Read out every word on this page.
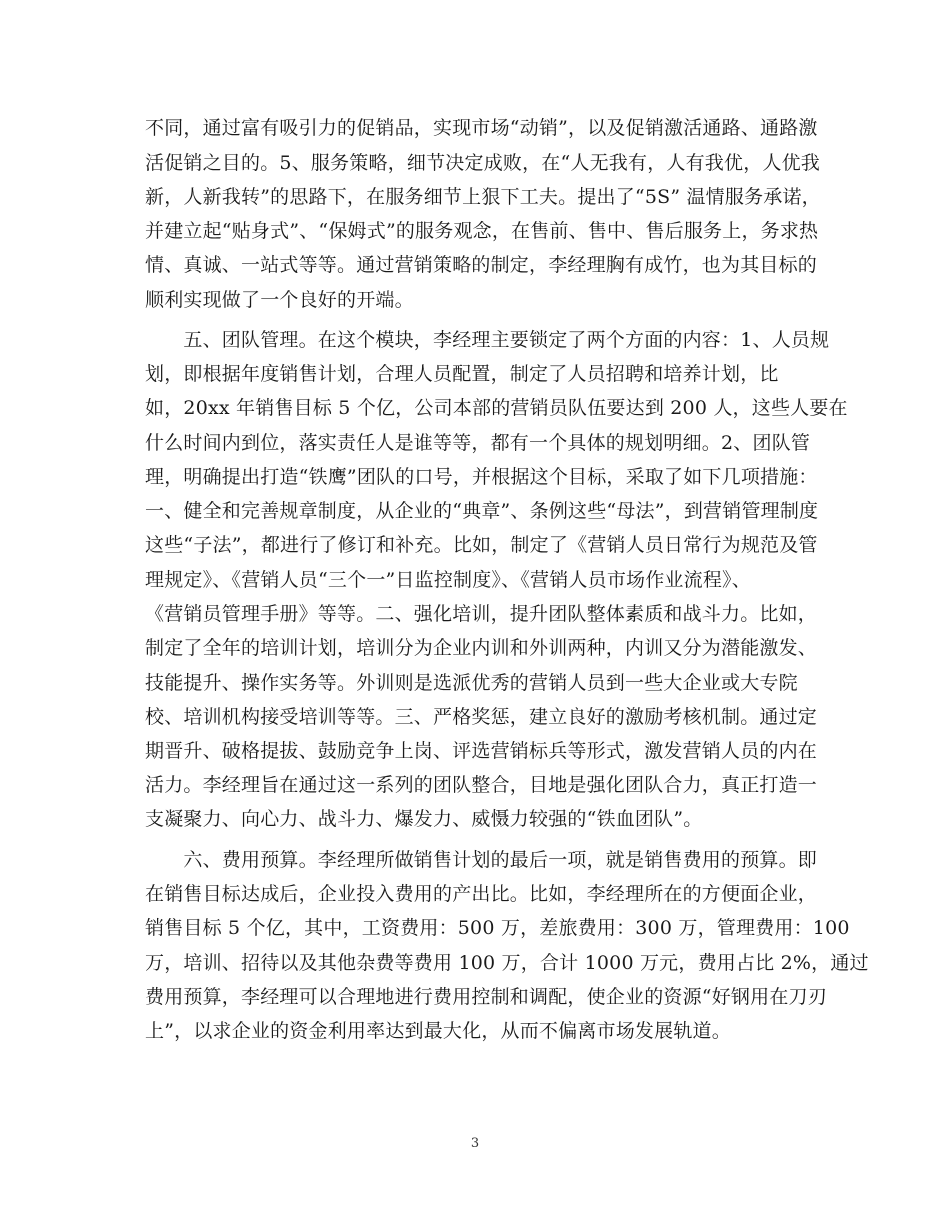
不同，通过富有吸引力的促销品，实现市场“动销”，以及促销激活通路、通路激
活促销之目的。5、服务策略，细节决定成败，在“人无我有，人有我优，人优我
新，人新我转”的思路下，在服务细节上狠下工夫。提出了“5S” 温情服务承诺，
并建立起“贴身式”、“保姆式”的服务观念，在售前、售中、售后服务上，务求热
情、真诚、一站式等等。通过营销策略的制定，李经理胸有成竹，也为其目标的
顺利实现做了一个良好的开端。
　　五、团队管理。在这个模块，李经理主要锁定了两个方面的内容：1、人员规
划，即根据年度销售计划，合理人员配置，制定了人员招聘和培养计划，比
如，20xx 年销售目标 5 个亿，公司本部的营销员队伍要达到 200 人，这些人要在
什么时间内到位，落实责任人是谁等等，都有一个具体的规划明细。2、团队管
理，明确提出打造“铁鹰”团队的口号，并根据这个目标，采取了如下几项措施：
一、健全和完善规章制度，从企业的“典章”、条例这些“母法”，到营销管理制度
这些“子法”，都进行了修订和补充。比如，制定了《营销人员日常行为规范及管
理规定》、《营销人员“三个一”日监控制度》、《营销人员市场作业流程》、
《营销员管理手册》等等。二、强化培训，提升团队整体素质和战斗力。比如，
制定了全年的培训计划，培训分为企业内训和外训两种，内训又分为潜能激发、
技能提升、操作实务等。外训则是选派优秀的营销人员到一些大企业或大专院
校、培训机构接受培训等等。三、严格奖惩，建立良好的激励考核机制。通过定
期晋升、破格提拔、鼓励竞争上岗、评选营销标兵等形式，激发营销人员的内在
活力。李经理旨在通过这一系列的团队整合，目地是强化团队合力，真正打造一
支凝聚力、向心力、战斗力、爆发力、威慑力较强的“铁血团队”。
　　六、费用预算。李经理所做销售计划的最后一项，就是销售费用的预算。即
在销售目标达成后，企业投入费用的产出比。比如，李经理所在的方便面企业，
销售目标 5 个亿，其中，工资费用：500 万，差旅费用：300 万，管理费用：100
万，培训、招待以及其他杂费等费用 100 万，合计 1000 万元，费用占比 2%，通过
费用预算，李经理可以合理地进行费用控制和调配，使企业的资源“好钢用在刀刃
上”，以求企业的资金利用率达到最大化，从而不偏离市场发展轨道。
3
